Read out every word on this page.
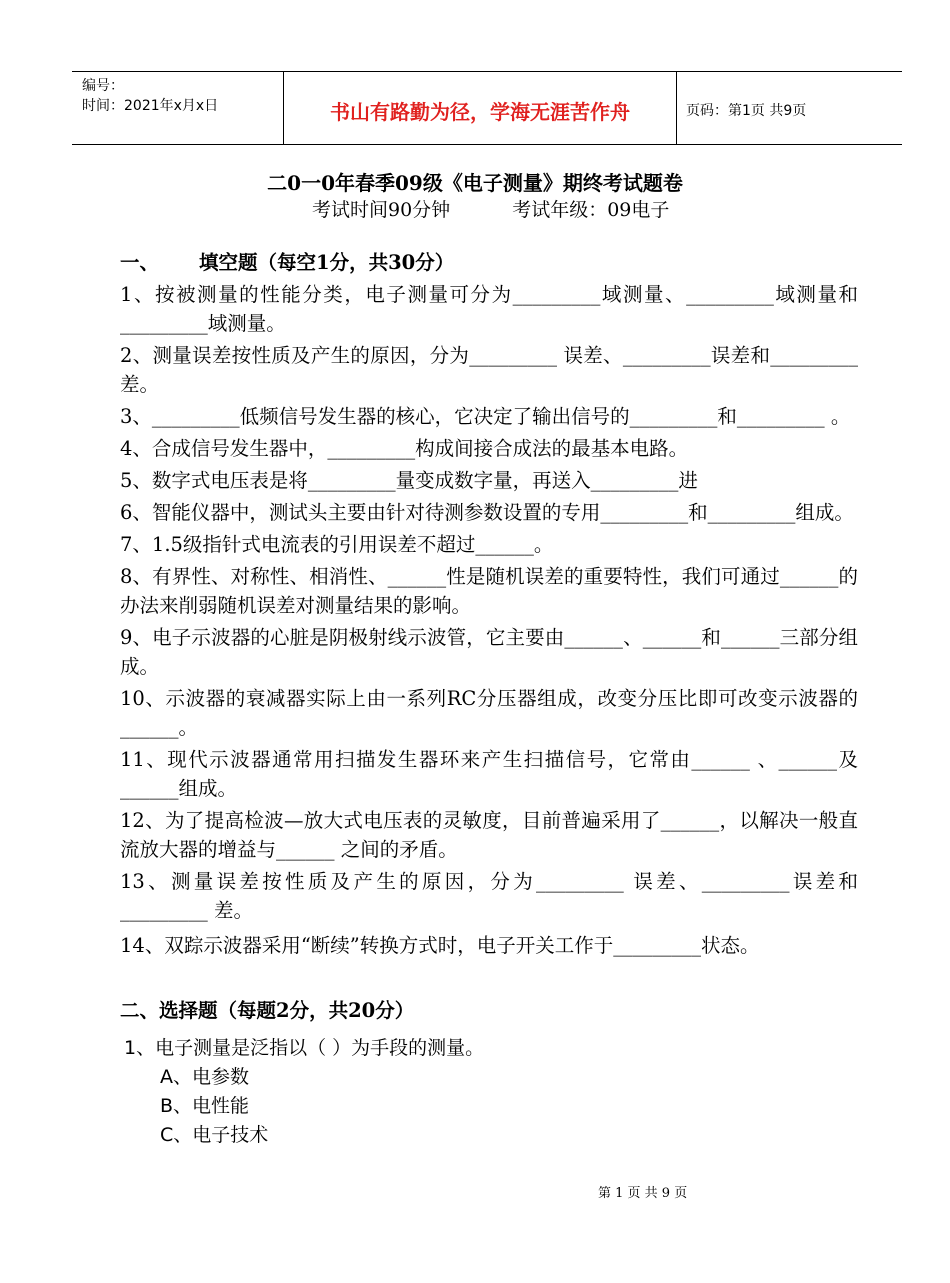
编号：
时间：2021年x月x日	书山有路勤为径，学海无涯苦作舟	页码：第1页 共9页
二0一0年春季09级《电子测量》期终考试题卷
考试时间90分钟	考试年级：09电子
一、 填空题（每空1分，共30分）
1、按被测量的性能分类，电子测量可分为_________域测量、_________域测量和_________域测量。
2、测量误差按性质及产生的原因，分为_________ 误差、_________误差和_________ 差。
3、_________低频信号发生器的核心，它决定了输出信号的_________和_________ 。
4、合成信号发生器中，_________构成间接合成法的最基本电路。
5、数字式电压表是将_________量变成数字量，再送入_________进
6、智能仪器中，测试头主要由针对待测参数设置的专用_________和_________组成。
7、1.5级指针式电流表的引用误差不超过______。
8、有界性、对称性、相消性、______性是随机误差的重要特性，我们可通过______的办法来削弱随机误差对测量结果的影响。
9、电子示波器的心脏是阴极射线示波管，它主要由______、______和______三部分组成。
10、示波器的衰减器实际上由一系列RC分压器组成，改变分压比即可改变示波器的______。
11、现代示波器通常用扫描发生器环来产生扫描信号，它常由______ 、______及______组成。
12、为了提高检波—放大式电压表的灵敏度，目前普遍采用了______，以解决一般直流放大器的增益与______ 之间的矛盾。
13、测量误差按性质及产生的原因，分为_________ 误差、_________误差和_________ 差。
14、双踪示波器采用“断续”转换方式时，电子开关工作于_________状态。
二、选择题（每题2分，共20分）
1、电子测量是泛指以（ ）为手段的测量。
A、电参数
B、电性能
C、电子技术
第 1 页 共 9 页
